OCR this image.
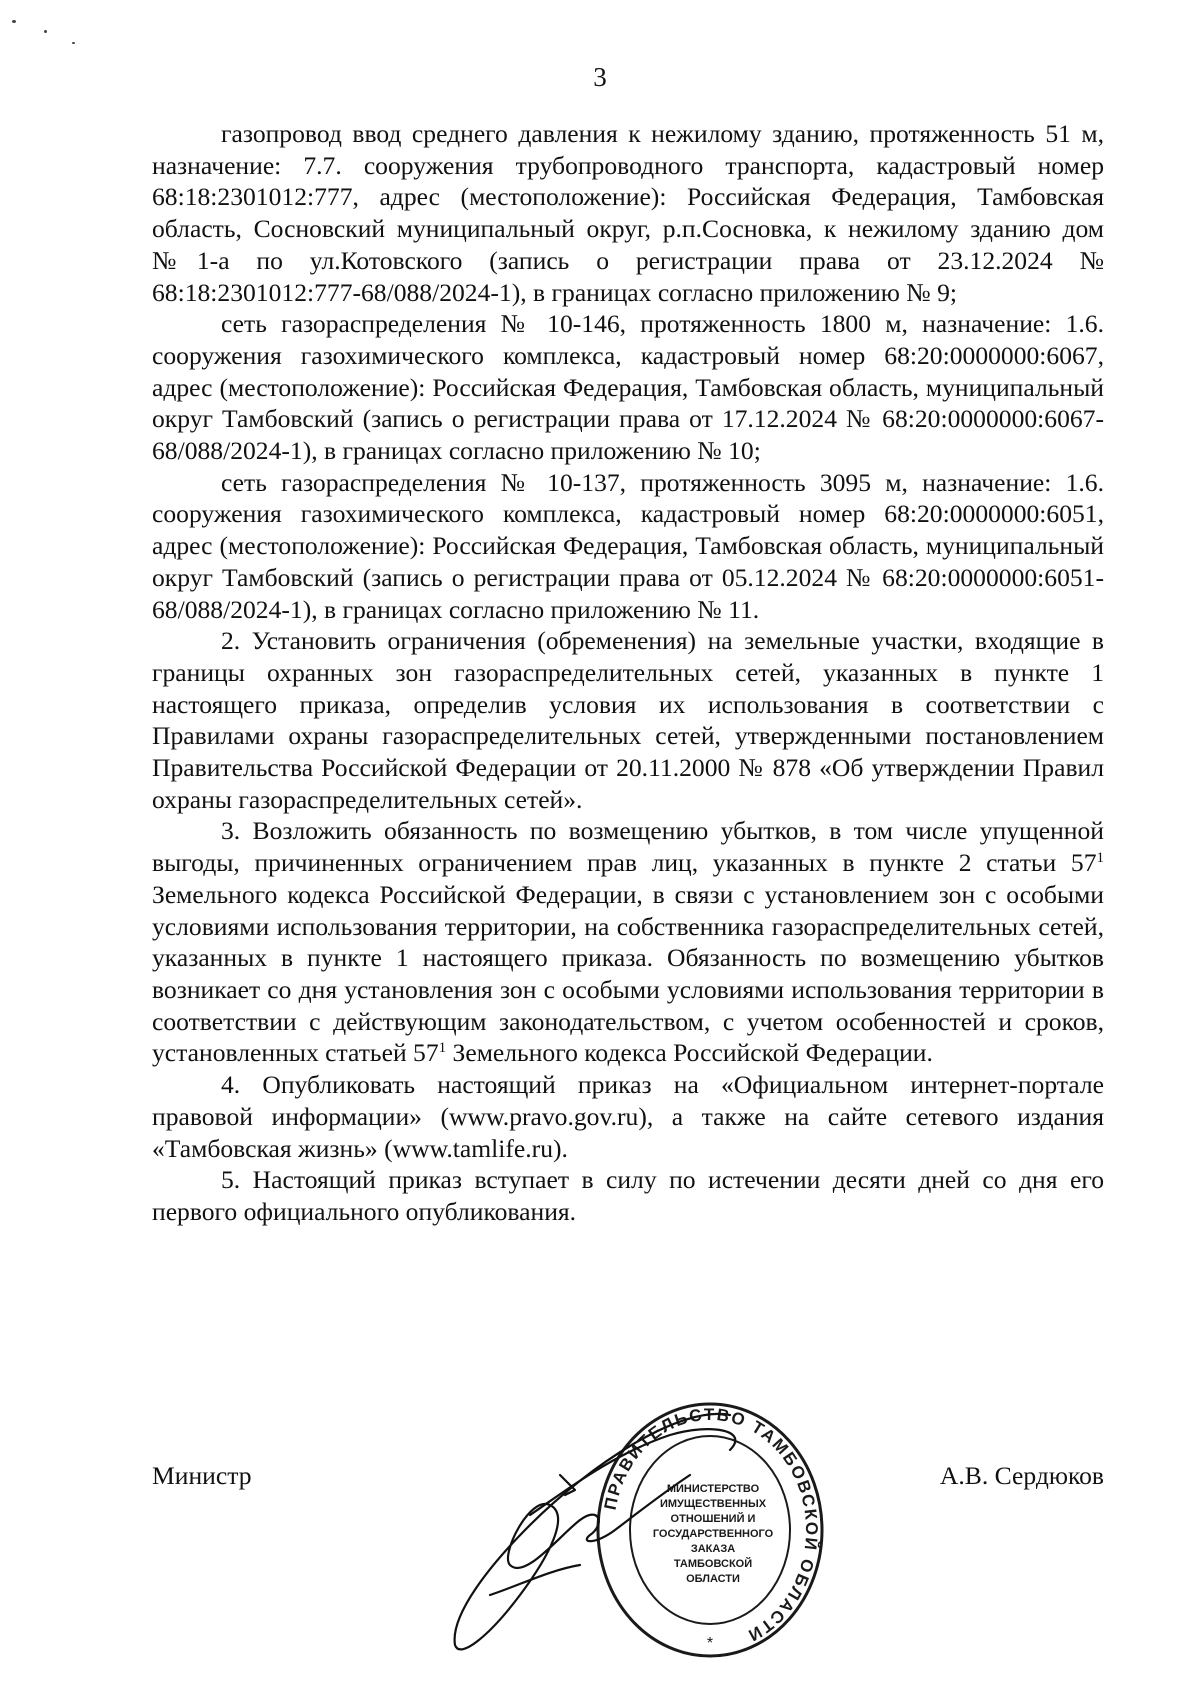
3

газопровод ввод среднего давления к нежилому зданию, протяженность 51 м, назначение: 7.7. сооружения трубопроводного транспорта, кадастровый номер 68:18:2301012:777, адрес (местоположение): Российская Федерация, Тамбовская область, Сосновский муниципальный округ, р.п.Сосновка, к нежилому зданию дом №1-а по ул.Котовского (запись о регистрации права от 23.12.2024 № 68:18:2301012:777-68/088/2024-1), в границах согласно приложению № 9;

сеть газораспределения № 10-146, протяженность 1800 м, назначение: 1.6. сооружения газохимического комплекса, кадастровый номер 68:20:0000000:6067, адрес (местоположение): Российская Федерация, Тамбовская область, муниципальный округ Тамбовский (запись о регистрации права от 17.12.2024 № 68:20:0000000:6067-68/088/2024-1), в границах согласно приложению № 10;

сеть газораспределения № 10-137, протяженность 3095 м, назначение: 1.6. сооружения газохимического комплекса, кадастровый номер 68:20:0000000:6051, адрес (местоположение): Российская Федерация, Тамбовская область, муниципальный округ Тамбовский (запись о регистрации права от 05.12.2024 № 68:20:0000000:6051-68/088/2024-1), в границах согласно приложению № 11.

2. Установить ограничения (обременения) на земельные участки, входящие в границы охранных зон газораспределительных сетей, указанных в пункте 1 настоящего приказа, определив условия их использования в соответствии с Правилами охраны газораспределительных сетей, утвержденными постановлением Правительства Российской Федерации от 20.11.2000 № 878 «Об утверждении Правил охраны газораспределительных сетей».

3. Возложить обязанность по возмещению убытков, в том числе упущенной выгоды, причиненных ограничением прав лиц, указанных в пункте 2 статьи $57^1$ Земельного кодекса Российской Федерации, в связи с установлением зон с особыми условиями использования территории, на собственника газораспределительных сетей, указанных в пункте 1 настоящего приказа. Обязанность по возмещению убытков возникает со дня установления зон с особыми условиями использования территории в соответствии с действующим законодательством, с учетом особенностей и сроков, установленных статьей $57^1$ Земельного кодекса Российской Федерации.

4. Опубликовать настоящий приказ на «Официальном интернет-портале правовой информации» (www.pravo.gov.ru), а также на сайте сетевого издания «Тамбовская жизнь» (www.tamlife.ru).

5. Настоящий приказ вступает в силу по истечении десяти дней со дня его первого официального опубликования.

Министр	А.В. Сердюков
ПРАВИТЕЛЬСТВО ТАМБОВСКОЙ ОБЛАСТИ
МИНИСТЕРСТВО
ИМУЩЕСТВЕННЫХ
ОТНОШЕНИЙ И
ГОСУДАРСТВЕННОГО
ЗАКАЗА
ТАМБОВСКОЙ
ОБЛАСТИ
*
